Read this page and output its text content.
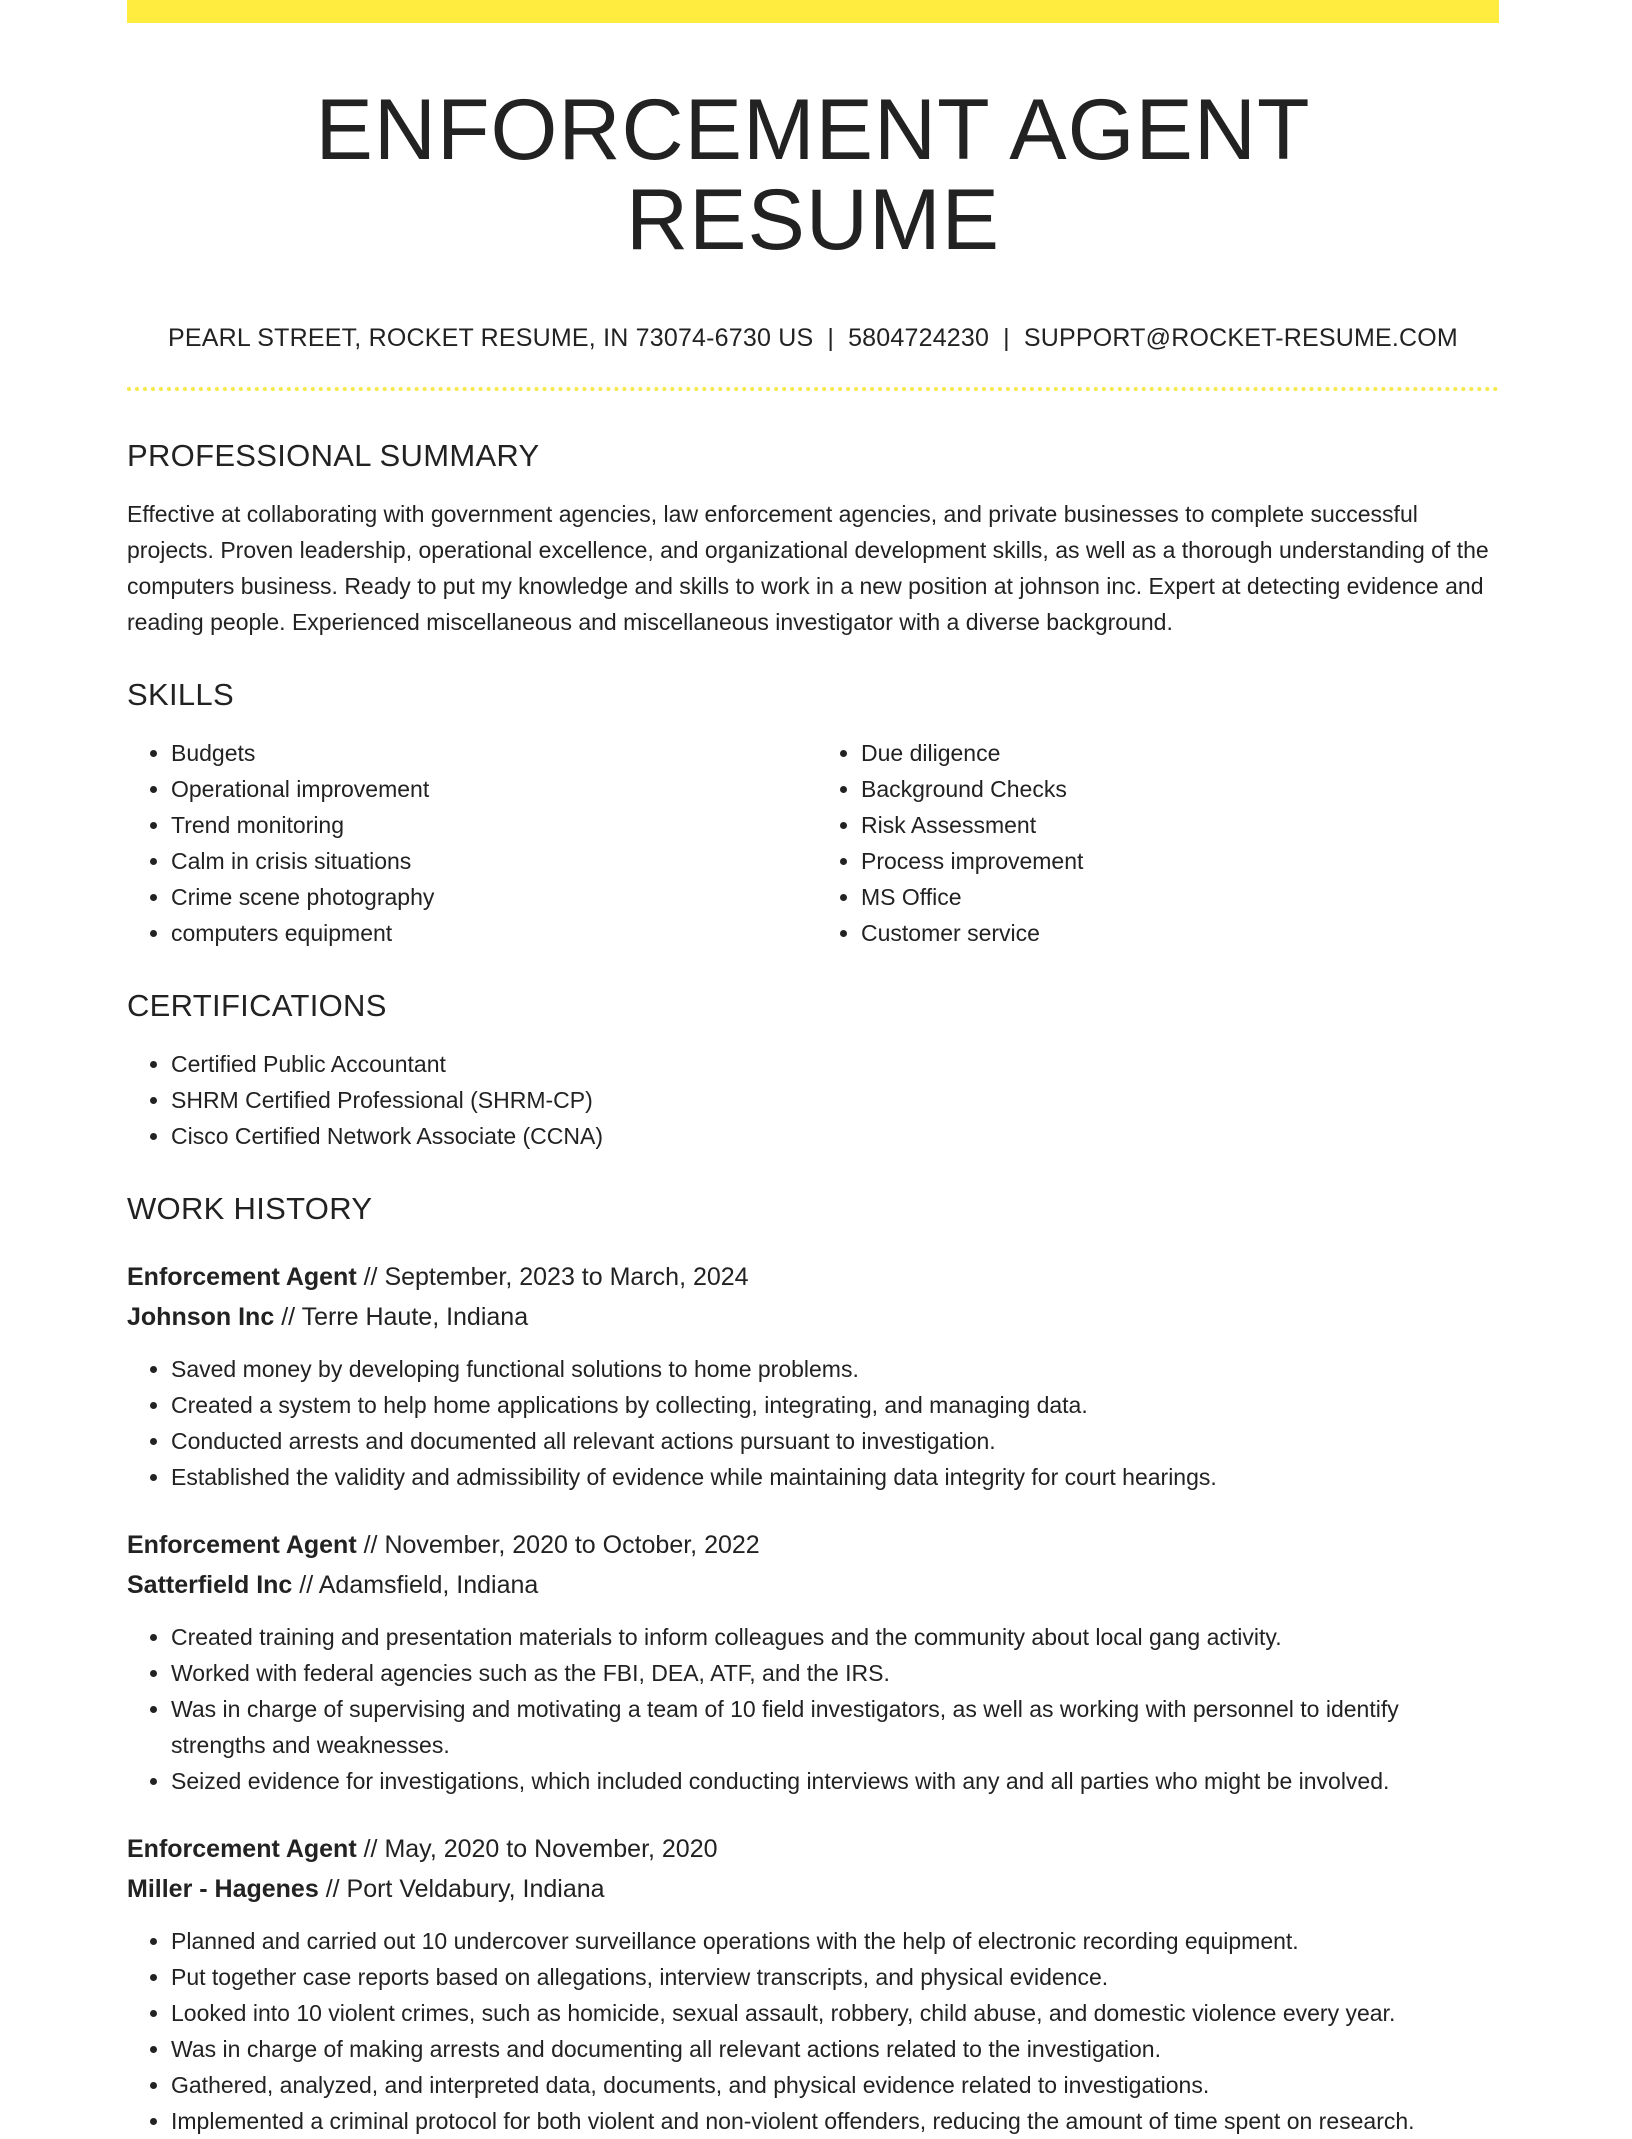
ENFORCEMENT AGENT RESUME
PEARL STREET, ROCKET RESUME, IN 73074-6730 US | 5804724230 | SUPPORT@ROCKET-RESUME.COM
PROFESSIONAL SUMMARY

Effective at collaborating with government agencies, law enforcement agencies, and private businesses to complete successful projects. Proven leadership, operational excellence, and organizational development skills, as well as a thorough understanding of the computers business. Ready to put my knowledge and skills to work in a new position at johnson inc. Expert at detecting evidence and reading people. Experienced miscellaneous and miscellaneous investigator with a diverse background.

SKILLS
• Budgets
• Operational improvement
• Trend monitoring
• Calm in crisis situations
• Crime scene photography
• computers equipment
• Due diligence
• Background Checks
• Risk Assessment
• Process improvement
• MS Office
• Customer service
CERTIFICATIONS
• Certified Public Accountant
• SHRM Certified Professional (SHRM-CP)
• Cisco Certified Network Associate (CCNA)
WORK HISTORY
Enforcement Agent // September, 2023 to March, 2024
Johnson Inc // Terre Haute, Indiana
• Saved money by developing functional solutions to home problems.
• Created a system to help home applications by collecting, integrating, and managing data.
• Conducted arrests and documented all relevant actions pursuant to investigation.
• Established the validity and admissibility of evidence while maintaining data integrity for court hearings.
Enforcement Agent // November, 2020 to October, 2022
Satterfield Inc // Adamsfield, Indiana
• Created training and presentation materials to inform colleagues and the community about local gang activity.
• Worked with federal agencies such as the FBI, DEA, ATF, and the IRS.
• Was in charge of supervising and motivating a team of 10 field investigators, as well as working with personnel to identify strengths and weaknesses.
• Seized evidence for investigations, which included conducting interviews with any and all parties who might be involved.
Enforcement Agent // May, 2020 to November, 2020
Miller - Hagenes // Port Veldabury, Indiana
• Planned and carried out 10 undercover surveillance operations with the help of electronic recording equipment.
• Put together case reports based on allegations, interview transcripts, and physical evidence.
• Looked into 10 violent crimes, such as homicide, sexual assault, robbery, child abuse, and domestic violence every year.
• Was in charge of making arrests and documenting all relevant actions related to the investigation.
• Gathered, analyzed, and interpreted data, documents, and physical evidence related to investigations.
• Implemented a criminal protocol for both violent and non-violent offenders, reducing the amount of time spent on research.
